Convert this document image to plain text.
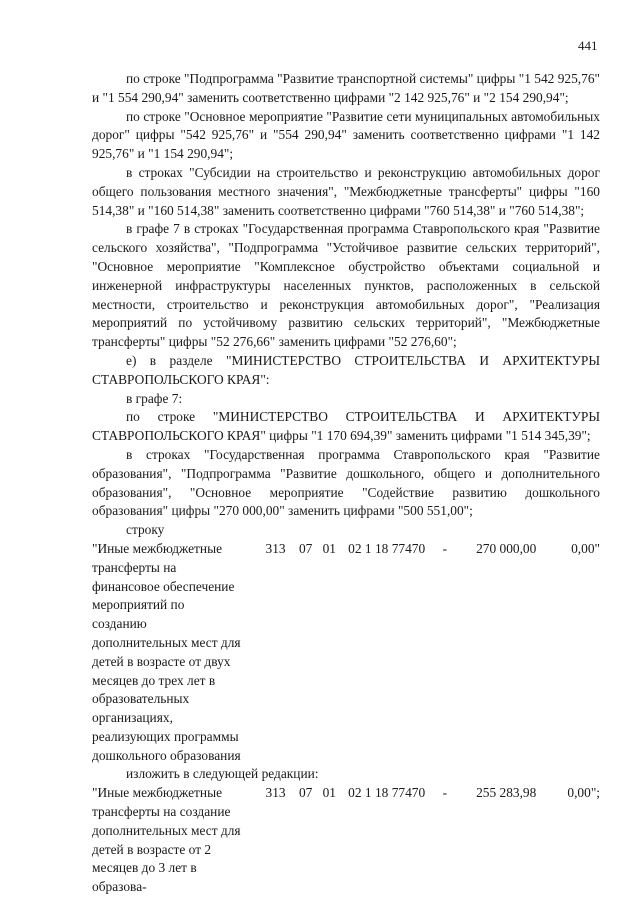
441

по строке "Подпрограмма "Развитие транспортной системы" цифры "1 542 925,76" и "1 554 290,94" заменить соответственно цифрами "2 142 925,76" и "2 154 290,94";

по строке "Основное мероприятие "Развитие сети муниципальных автомобильных дорог" цифры "542 925,76" и "554 290,94" заменить соответственно цифрами "1 142 925,76" и "1 154 290,94";

в строках "Субсидии на строительство и реконструкцию автомобильных дорог общего пользования местного значения", "Межбюджетные трансферты" цифры "160 514,38" и "160 514,38" заменить соответственно цифрами "760 514,38" и "760 514,38";

в графе 7 в строках "Государственная программа Ставропольского края "Развитие сельского хозяйства", "Подпрограмма "Устойчивое развитие сельских территорий", "Основное мероприятие "Комплексное обустройство объектами социальной и инженерной инфраструктуры населенных пунктов, расположенных в сельской местности, строительство и реконструкция автомобильных дорог", "Реализация мероприятий по устойчивому развитию сельских территорий", "Межбюджетные трансферты" цифры "52 276,66" заменить цифрами "52 276,60";

е) в разделе "МИНИСТЕРСТВО СТРОИТЕЛЬСТВА И АРХИТЕКТУРЫ СТАВРОПОЛЬСКОГО КРАЯ":

в графе 7:

по строке "МИНИСТЕРСТВО СТРОИТЕЛЬСТВА И АРХИТЕКТУРЫ СТАВРОПОЛЬСКОГО КРАЯ" цифры "1 170 694,39" заменить цифрами "1 514 345,39";

в строках "Государственная программа Ставропольского края "Развитие образования", "Подпрограмма "Развитие дошкольного, общего и дополнительного образования", "Основное мероприятие "Содействие развитию дошкольного образования" цифры "270 000,00" заменить цифрами "500 551,00";

строку

"Иные межбюджетные трансферты на финансовое обеспечение мероприятий по созданию дополнительных мест для детей в возрасте от двух месяцев до трех лет в образовательных организациях, реализующих программы дошкольного образования
313 07 01 02 1 18 77470	-	270 000,00	0,00"

изложить в следующей редакции:

"Иные межбюджетные трансферты на создание дополнительных мест для детей в возрасте от 2 месяцев до 3 лет в образова-
313 07 01 02 1 18 77470	-	255 283,98	0,00";
